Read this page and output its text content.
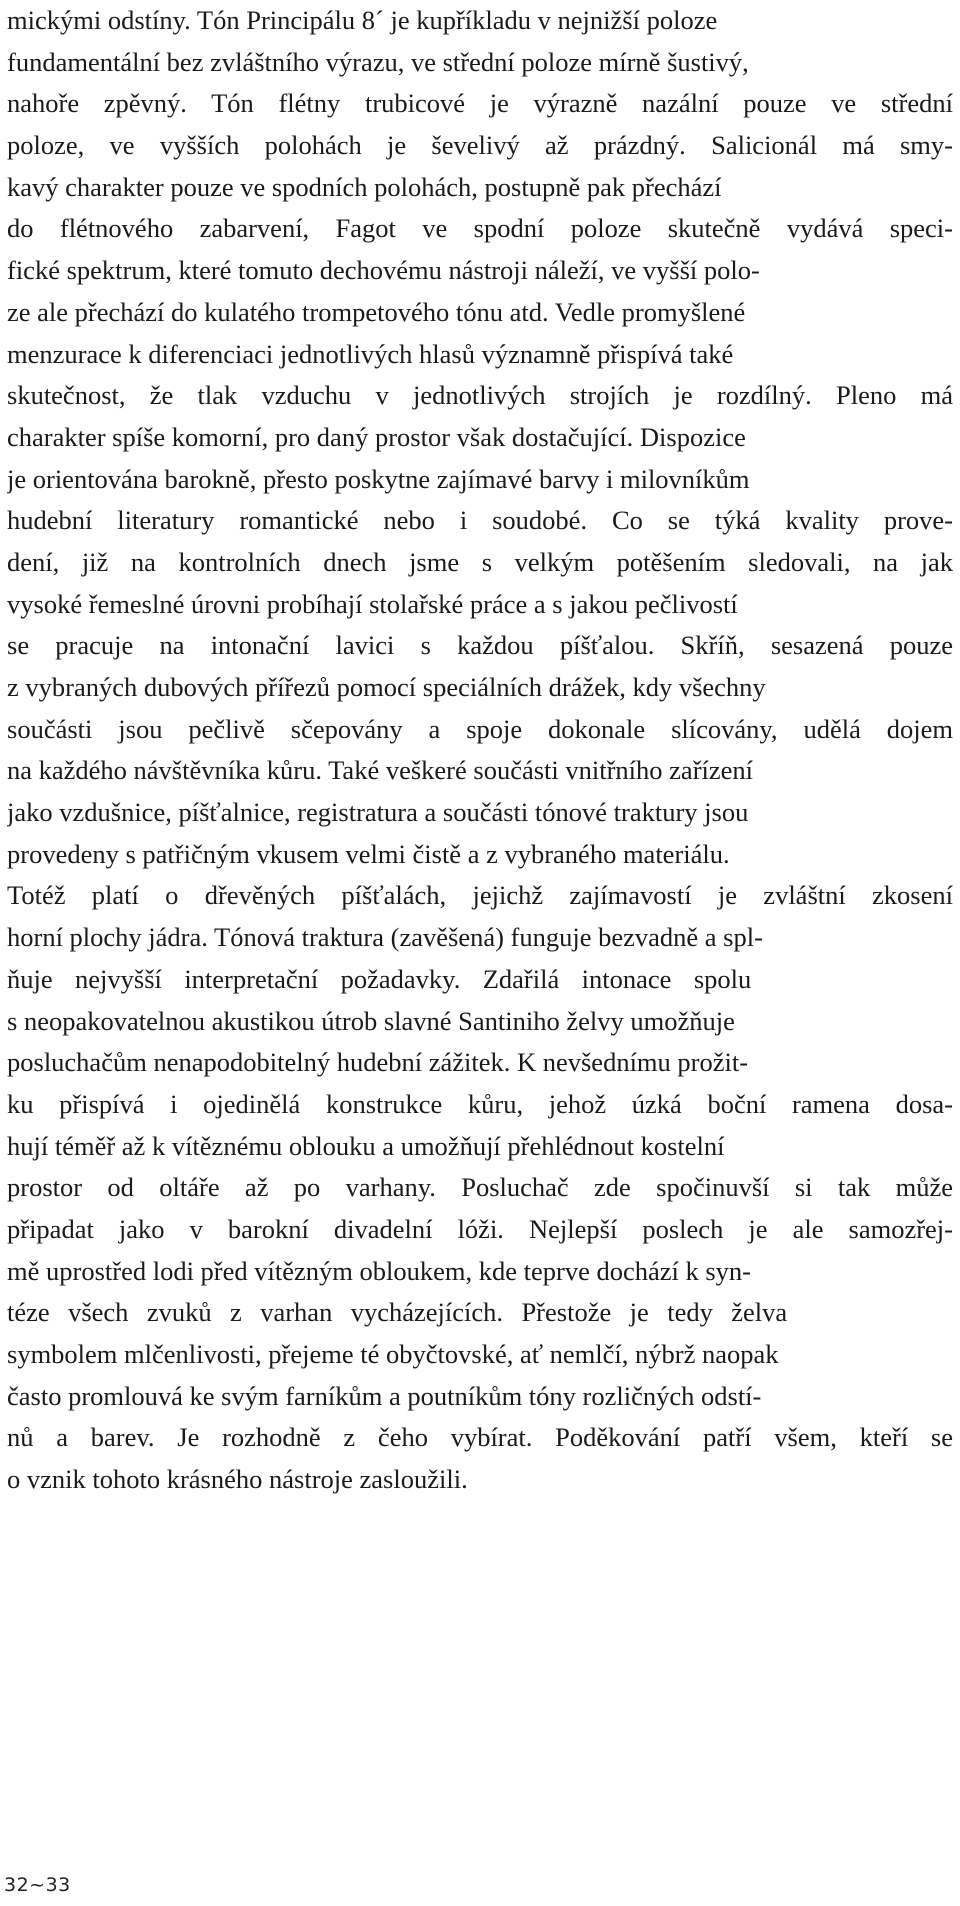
mickými odstíny. Tón Principálu 8´ je kupříkladu v nejnižší poloze
fundamentální bez zvláštního výrazu, ve střední poloze mírně šustivý,
nahoře zpěvný. Tón flétny trubicové je výrazně nazální pouze ve střední
poloze, ve vyšších polohách je ševelivý až prázdný. Salicionál má smy-
kavý charakter pouze ve spodních polohách, postupně pak přechází
do flétnového zabarvení, Fagot ve spodní poloze skutečně vydává speci-
fické spektrum, které tomuto dechovému nástroji náleží, ve vyšší polo-
ze ale přechází do kulatého trompetového tónu atd. Vedle promyšlené
menzurace k diferenciaci jednotlivých hlasů významně přispívá také
skutečnost, že tlak vzduchu v jednotlivých strojích je rozdílný. Pleno má
charakter spíše komorní, pro daný prostor však dostačující. Dispozice
je orientována barokně, přesto poskytne zajímavé barvy i milovníkům
hudební literatury romantické nebo i soudobé. Co se týká kvality prove-
dení, již na kontrolních dnech jsme s velkým potěšením sledovali, na jak
vysoké řemeslné úrovni probíhají stolařské práce a s jakou pečlivostí
se pracuje na intonační lavici s každou píšťalou. Skříň, sesazená pouze
z vybraných dubových přířezů pomocí speciálních drážek, kdy všechny
součásti jsou pečlivě sčepovány a spoje dokonale slícovány, udělá dojem
na každého návštěvníka kůru. Také veškeré součásti vnitřního zařízení
jako vzdušnice, píšťalnice, registratura a součásti tónové traktury jsou
provedeny s patřičným vkusem velmi čistě a z vybraného materiálu.
Totéž platí o dřevěných píšťalách, jejichž zajímavostí je zvláštní zkosení
horní plochy jádra. Tónová traktura (zavěšená) funguje bezvadně a spl-
ňuje nejvyšší interpretační požadavky. Zdařilá intonace spolu
s neopakovatelnou akustikou útrob slavné Santiniho želvy umožňuje
posluchačům nenapodobitelný hudební zážitek. K nevšednímu prožit-
ku přispívá i ojedinělá konstrukce kůru, jehož úzká boční ramena dosa-
hují téměř až k vítěznému oblouku a umožňují přehlédnout kostelní
prostor od oltáře až po varhany. Posluchač zde spočinuvší si tak může
připadat jako v barokní divadelní lóži. Nejlepší poslech je ale samozřej-
mě uprostřed lodi před vítězným obloukem, kde teprve dochází k syn-
téze všech zvuků z varhan vycházejících. Přestože je tedy želva
symbolem mlčenlivosti, přejeme té obyčtovské, ať nemlčí, nýbrž naopak
často promlouvá ke svým farníkům a poutníkům tóny rozličných odstí-
nů a barev. Je rozhodně z čeho vybírat. Poděkování patří všem, kteří se
o vznik tohoto krásného nástroje zasloužili.
32~33
